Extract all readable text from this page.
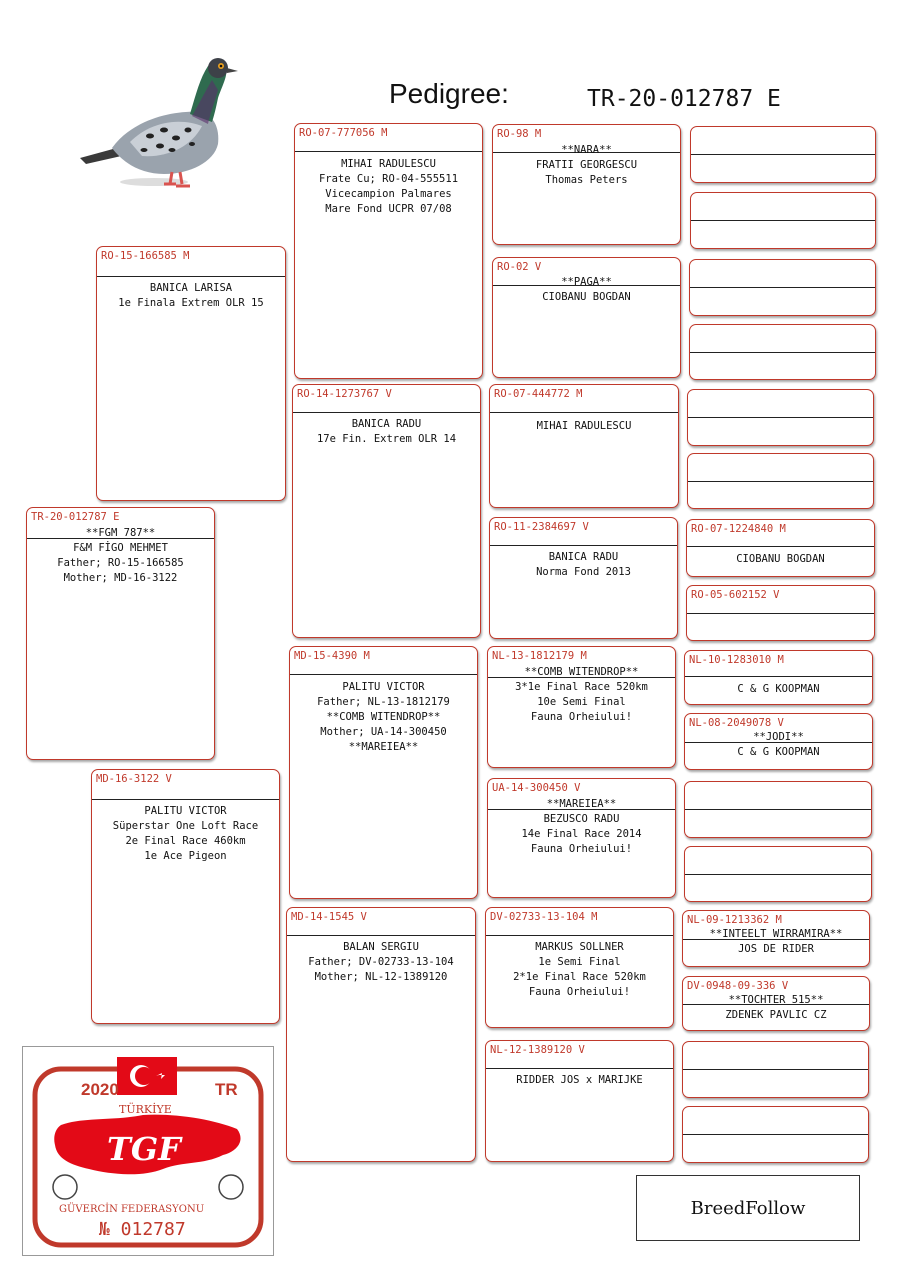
Pedigree:	TR-20-012787 E
TR-20-012787 E
**FGM 787**
F&M FİGO MEHMET
Father; RO-15-166585
Mother; MD-16-3122
RO-15-166585 M
BANICA LARISA
1e Finala Extrem OLR 15
MD-16-3122 V
PALITU VICTOR
Süperstar One Loft Race
2e Final Race 460km
1e Ace Pigeon
RO-07-777056 M
MIHAI RADULESCU
Frate Cu; RO-04-555511
Vicecampion Palmares
Mare Fond UCPR 07/08
RO-14-1273767 V
BANICA RADU
17e Fin. Extrem OLR 14
MD-15-4390 M
PALITU VICTOR
Father; NL-13-1812179
**COMB WITENDROP**
Mother; UA-14-300450
**MAREIEA**
MD-14-1545 V
BALAN SERGIU
Father; DV-02733-13-104
Mother; NL-12-1389120
RO-98 M
**NARA**
FRATII GEORGESCU
Thomas Peters
RO-02 V
**PAGA**
CIOBANU BOGDAN
RO-07-444772 M
MIHAI RADULESCU
RO-11-2384697 V
BANICA RADU
Norma Fond 2013
NL-13-1812179 M
**COMB WITENDROP**
3*1e Final Race 520km
10e Semi Final
Fauna Orheiului!
UA-14-300450 V
**MAREIEA**
BEZUSCO RADU
14e Final Race 2014
Fauna Orheiului!
DV-02733-13-104 M
MARKUS SOLLNER
1e Semi Final
2*1e Final Race 520km
Fauna Orheiului!
NL-12-1389120 V
RIDDER JOS x MARIJKE
RO-07-1224840 M
CIOBANU BOGDAN
RO-05-602152 V
NL-10-1283010 M
C & G KOOPMAN
NL-08-2049078 V
**JODI**
C & G KOOPMAN
NL-09-1213362 M
**INTEELT WIRRAMIRA**
JOS DE RIDER
DV-0948-09-336 V
**TOCHTER 515**
ZDENEK PAVLIC CZ
2020	TR
TÜRKİYE
TGF
GÜVERCİN FEDERASYONU
№ 012787
BreedFollow
